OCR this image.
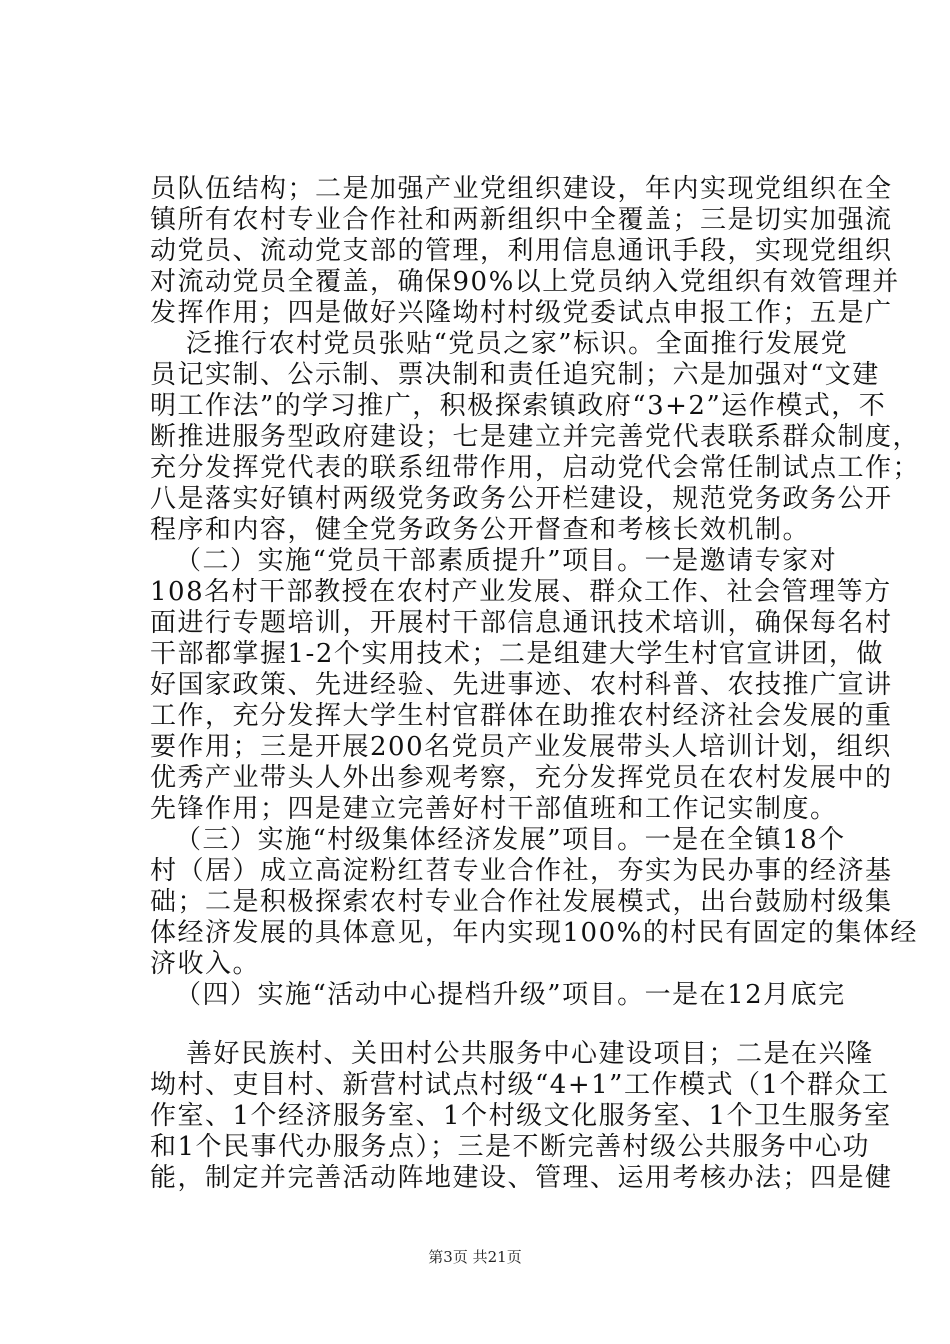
员队伍结构；二是加强产业党组织建设，年内实现党组织在全
镇所有农村专业合作社和两新组织中全覆盖；三是切实加强流
动党员、流动党支部的管理，利用信息通讯手段，实现党组织
对流动党员全覆盖，确保90%以上党员纳入党组织有效管理并
发挥作用；四是做好兴隆坳村村级党委试点申报工作；五是广
泛推行农村党员张贴“党员之家”标识。全面推行发展党
员记实制、公示制、票决制和责任追究制；六是加强对“文建
明工作法”的学习推广，积极探索镇政府“3+2”运作模式，不
断推进服务型政府建设；七是建立并完善党代表联系群众制度，
充分发挥党代表的联系纽带作用，启动党代会常任制试点工作；
八是落实好镇村两级党务政务公开栏建设，规范党务政务公开
程序和内容，健全党务政务公开督查和考核长效机制。
（二）实施“党员干部素质提升”项目。一是邀请专家对
108名村干部教授在农村产业发展、群众工作、社会管理等方
面进行专题培训，开展村干部信息通讯技术培训，确保每名村
干部都掌握1-2个实用技术；二是组建大学生村官宣讲团，做
好国家政策、先进经验、先进事迹、农村科普、农技推广宣讲
工作，充分发挥大学生村官群体在助推农村经济社会发展的重
要作用；三是开展200名党员产业发展带头人培训计划，组织
优秀产业带头人外出参观考察，充分发挥党员在农村发展中的
先锋作用；四是建立完善好村干部值班和工作记实制度。
（三）实施“村级集体经济发展”项目。一是在全镇18个
村（居）成立高淀粉红苕专业合作社，夯实为民办事的经济基
础；二是积极探索农村专业合作社发展模式，出台鼓励村级集
体经济发展的具体意见，年内实现100%的村民有固定的集体经
济收入。
（四）实施“活动中心提档升级”项目。一是在12月底完
善好民族村、关田村公共服务中心建设项目；二是在兴隆
坳村、吏目村、新营村试点村级“4+1”工作模式（1个群众工
作室、1个经济服务室、1个村级文化服务室、1个卫生服务室
和1个民事代办服务点）；三是不断完善村级公共服务中心功
能，制定并完善活动阵地建设、管理、运用考核办法；四是健
第3页 共21页
